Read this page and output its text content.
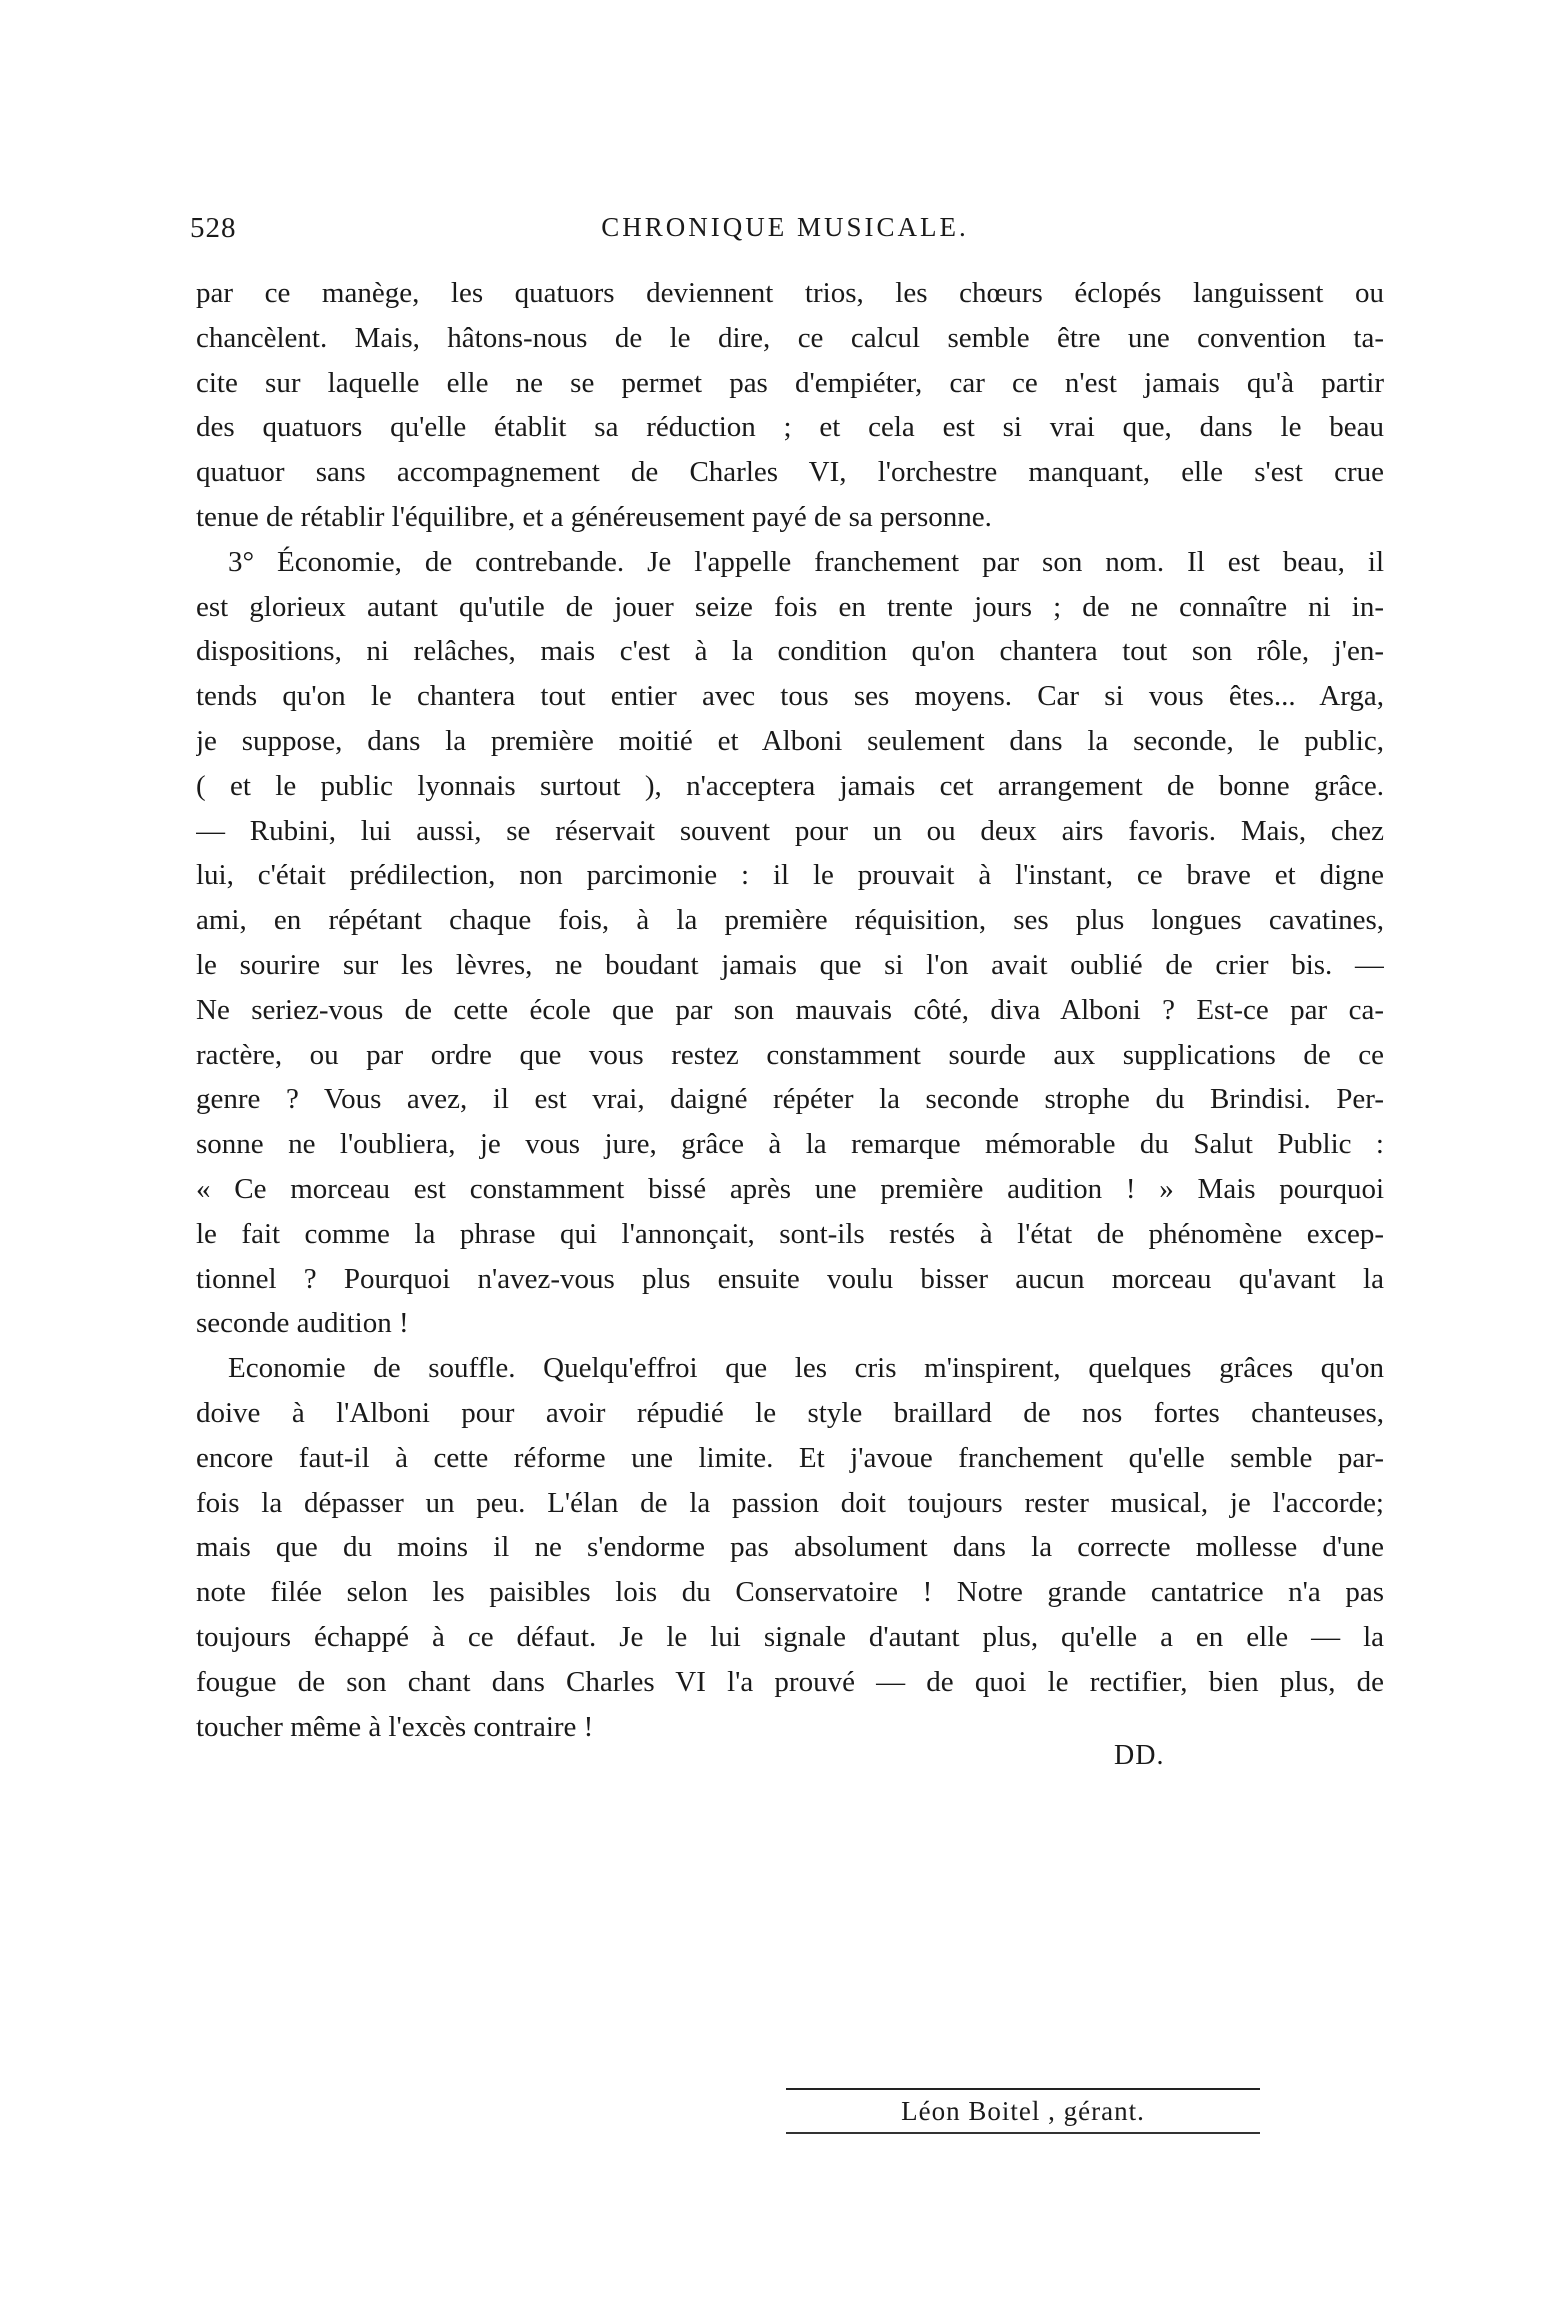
528	CHRONIQUE MUSICALE.
par ce manège, les quatuors deviennent trios, les chœurs éclopés languissent ou
chancèlent. Mais, hâtons-nous de le dire, ce calcul semble être une convention ta-
cite sur laquelle elle ne se permet pas d'empiéter, car ce n'est jamais qu'à partir
des quatuors qu'elle établit sa réduction ; et cela est si vrai que, dans le beau
quatuor sans accompagnement de Charles VI, l'orchestre manquant, elle s'est crue
tenue de rétablir l'équilibre, et a généreusement payé de sa personne.
3° Économie, de contrebande. Je l'appelle franchement par son nom. Il est beau, il
est glorieux autant qu'utile de jouer seize fois en trente jours ; de ne connaître ni in-
dispositions, ni relâches, mais c'est à la condition qu'on chantera tout son rôle, j'en-
tends qu'on le chantera tout entier avec tous ses moyens. Car si vous êtes... Arga,
je suppose, dans la première moitié et Alboni seulement dans la seconde, le public,
( et le public lyonnais surtout ), n'acceptera jamais cet arrangement de bonne grâce.
— Rubini, lui aussi, se réservait souvent pour un ou deux airs favoris. Mais, chez
lui, c'était prédilection, non parcimonie : il le prouvait à l'instant, ce brave et digne
ami, en répétant chaque fois, à la première réquisition, ses plus longues cavatines,
le sourire sur les lèvres, ne boudant jamais que si l'on avait oublié de crier bis. —
Ne seriez-vous de cette école que par son mauvais côté, diva Alboni ? Est-ce par ca-
ractère, ou par ordre que vous restez constamment sourde aux supplications de ce
genre ? Vous avez, il est vrai, daigné répéter la seconde strophe du Brindisi. Per-
sonne ne l'oubliera, je vous jure, grâce à la remarque mémorable du Salut Public :
« Ce morceau est constamment bissé après une première audition ! » Mais pourquoi
le fait comme la phrase qui l'annonçait, sont-ils restés à l'état de phénomène excep-
tionnel ? Pourquoi n'avez-vous plus ensuite voulu bisser aucun morceau qu'avant la
seconde audition !
Economie de souffle. Quelqu'effroi que les cris m'inspirent, quelques grâces qu'on
doive à l'Alboni pour avoir répudié le style braillard de nos fortes chanteuses,
encore faut-il à cette réforme une limite. Et j'avoue franchement qu'elle semble par-
fois la dépasser un peu. L'élan de la passion doit toujours rester musical, je l'accorde;
mais que du moins il ne s'endorme pas absolument dans la correcte mollesse d'une
note filée selon les paisibles lois du Conservatoire ! Notre grande cantatrice n'a pas
toujours échappé à ce défaut. Je le lui signale d'autant plus, qu'elle a en elle — la
fougue de son chant dans Charles VI l'a prouvé — de quoi le rectifier, bien plus, de
toucher même à l'excès contraire !
DD.
Léon Boitel , gérant.
